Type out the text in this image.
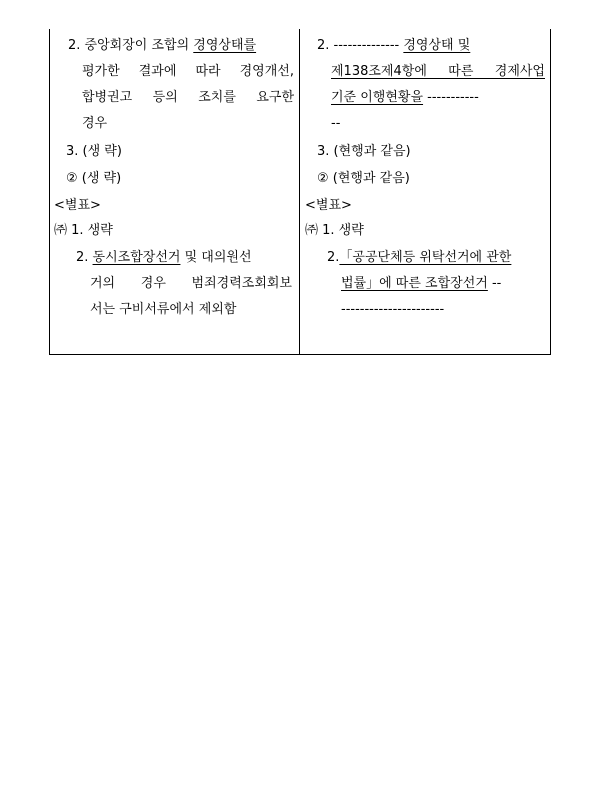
2. 중앙회장이 조합의 경영상태를
평가한 결과에 따라 경영개선,
합병권고 등의 조치를 요구한
경우
3. (생 략)
② (생 략)
<별표>
㈜ 1. 생략
2. 동시조합장선거 및 대의원선
거의 경우 범죄경력조회회보
서는 구비서류에서 제외함
2. -------------- 경영상태 및
제138조제4항에 따른 경제사업
기준 이행현황을 -----------
--
3. (현행과 같음)
② (현행과 같음)
<별표>
㈜ 1. 생략
2.「공공단체등 위탁선거에 관한
법률」에 따른 조합장선거 --
----------------------
